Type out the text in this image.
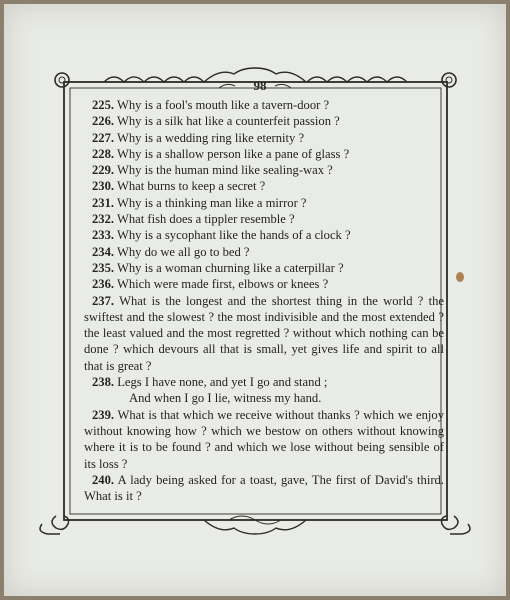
98

225. Why is a fool's mouth like a tavern-door ?

226. Why is a silk hat like a counterfeit passion ?

227. Why is a wedding ring like eternity ?

228. Why is a shallow person like a pane of glass ?

229. Why is the human mind like sealing-wax ?

230. What burns to keep a secret ?

231. Why is a thinking man like a mirror ?

232. What fish does a tippler resemble ?

233. Why is a sycophant like the hands of a clock ?

234. Why do we all go to bed ?

235. Why is a woman churning like a caterpillar ?

236. Which were made first, elbows or knees ?

237. What is the longest and the shortest thing in the world ? the swiftest and the slowest ? the most indivisible and the most extended ? the least valued and the most regretted ? without which nothing can be done ? which devours all that is small, yet gives life and spirit to all that is great ?

238. Legs I have none, and yet I go and stand ;
And when I go I lie, witness my hand.

239. What is that which we receive without thanks ? which we enjoy without knowing how ? which we bestow on others without knowing where it is to be found ? and which we lose without being sensible of its loss ?

240. A lady being asked for a toast, gave, The first of David's third. What is it ?
